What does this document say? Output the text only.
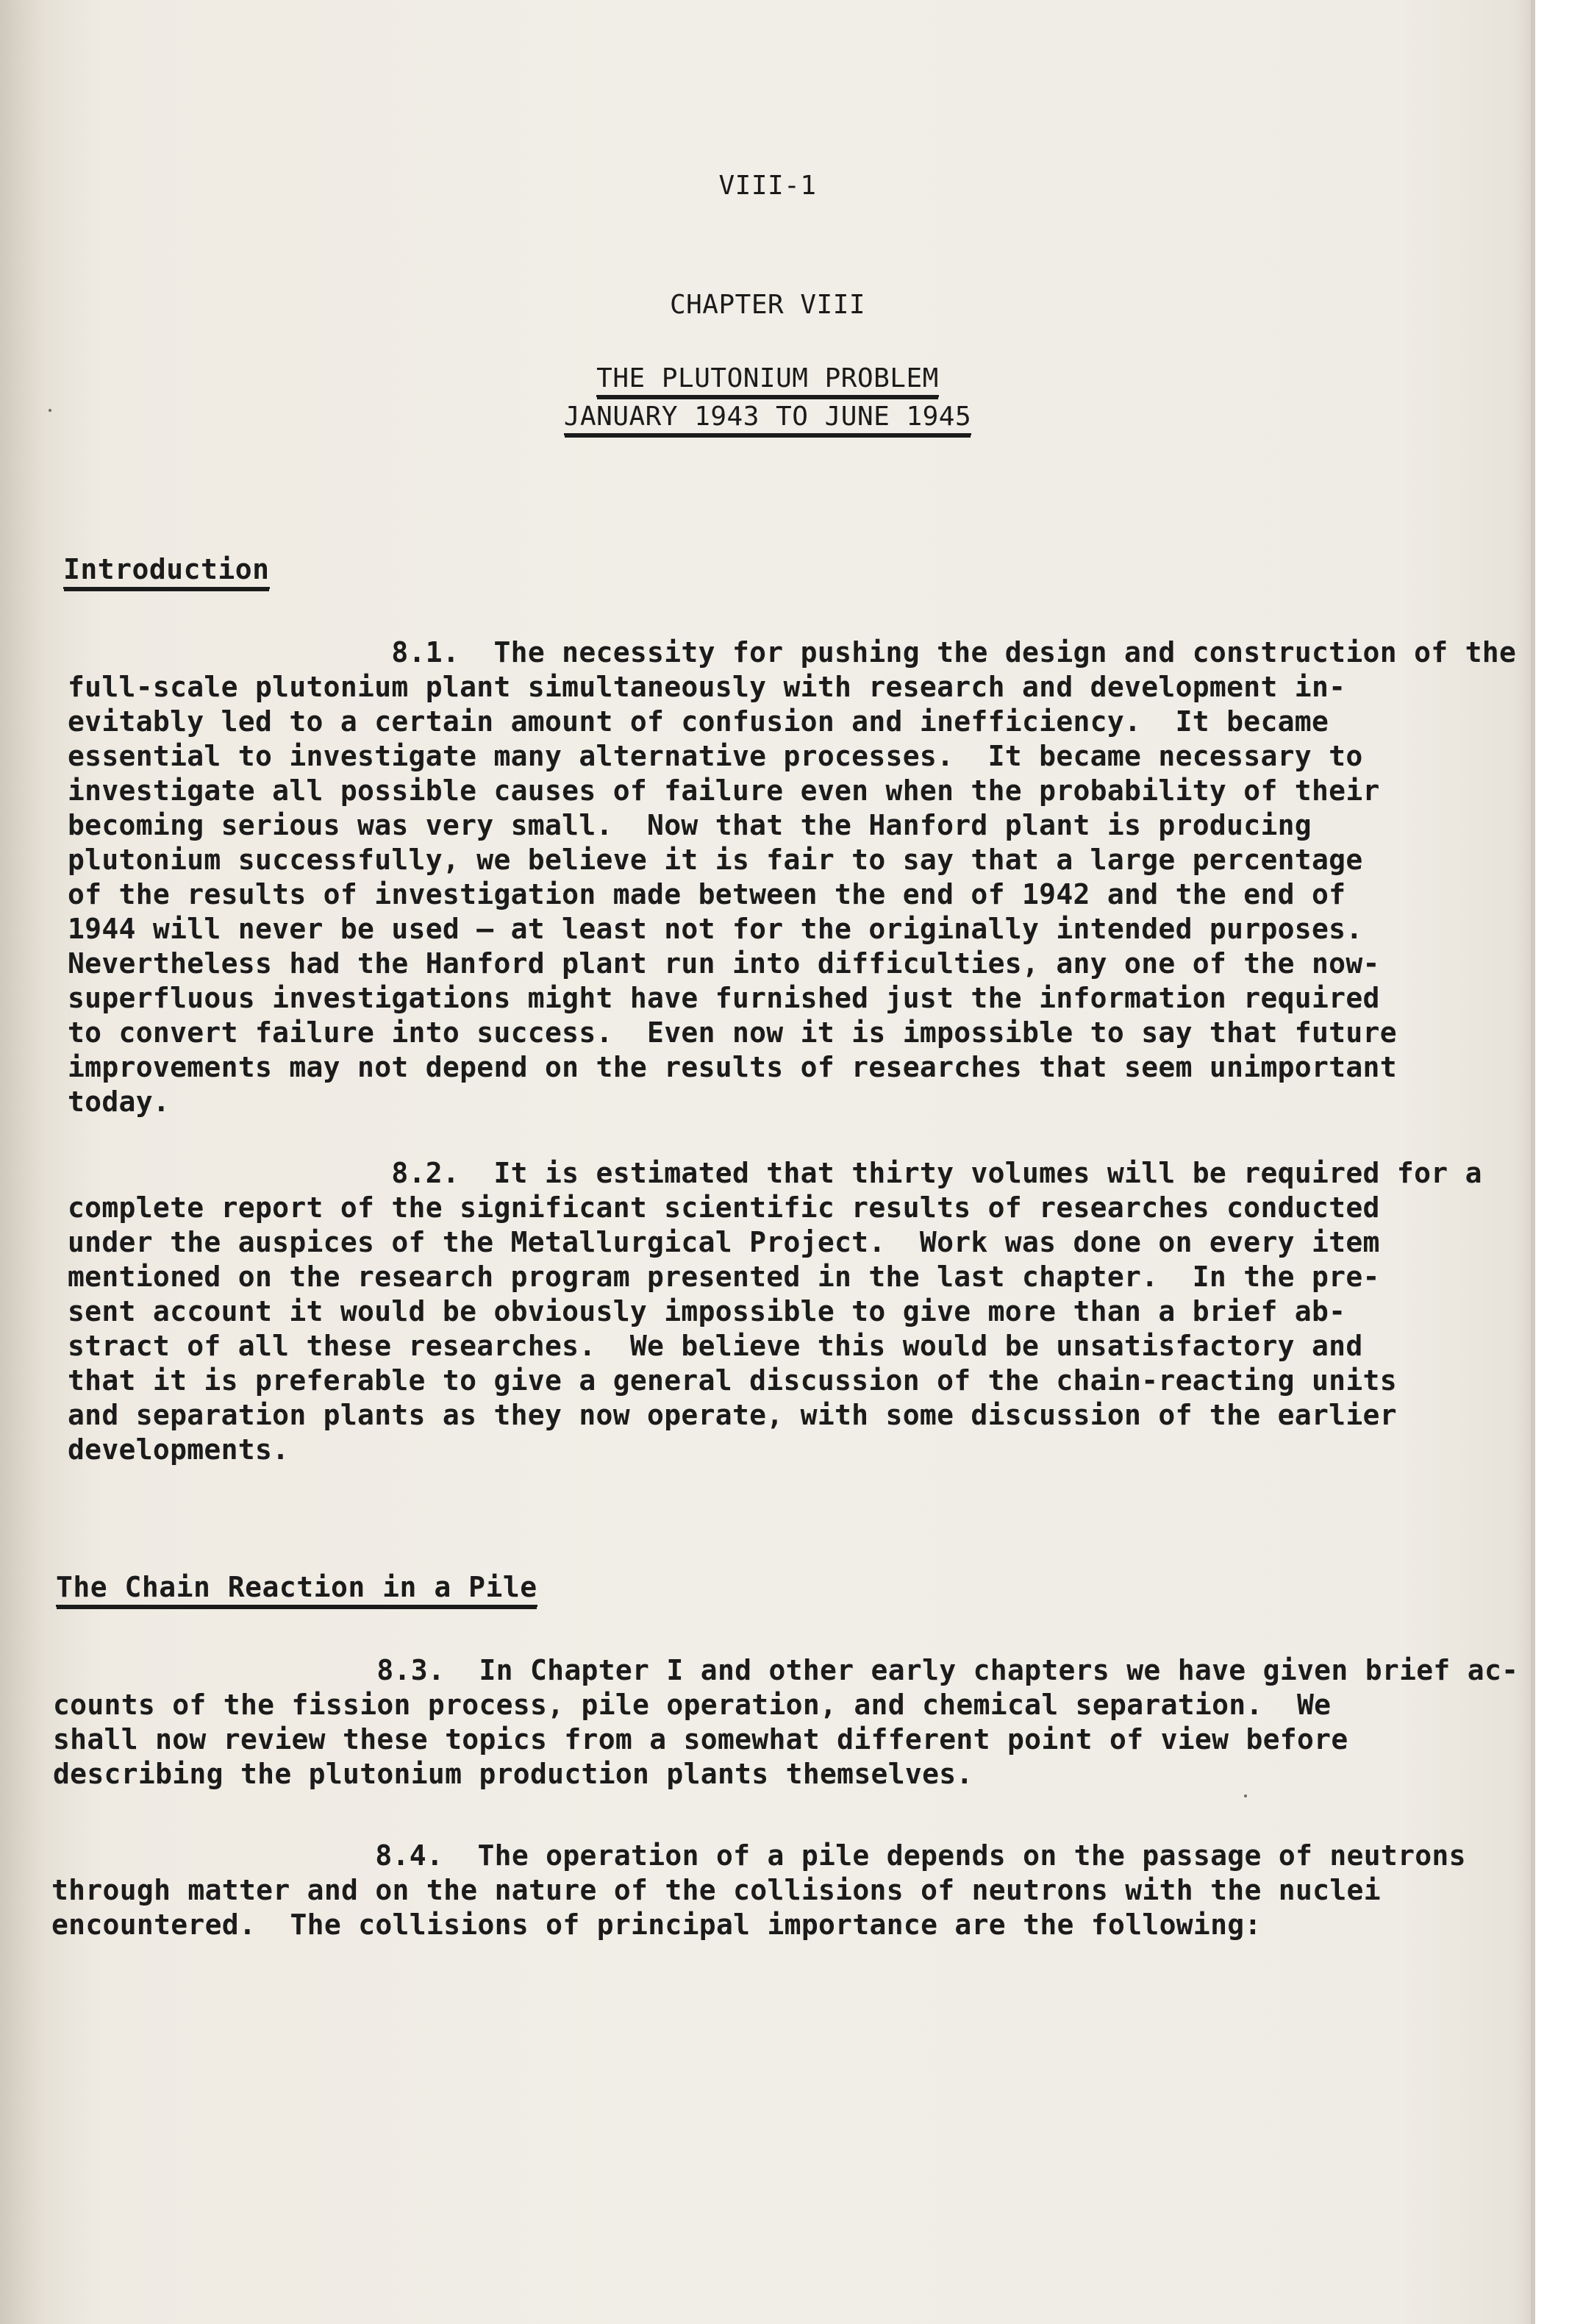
VIII-1
CHAPTER VIII
THE PLUTONIUM PROBLEM
JANUARY 1943 TO JUNE 1945
Introduction
8.1.  The necessity for pushing the design and construction of the
full-scale plutonium plant simultaneously with research and development in-
evitably led to a certain amount of confusion and inefficiency.  It became
essential to investigate many alternative processes.  It became necessary to
investigate all possible causes of failure even when the probability of their
becoming serious was very small.  Now that the Hanford plant is producing
plutonium successfully, we believe it is fair to say that a large percentage
of the results of investigation made between the end of 1942 and the end of
1944 will never be used — at least not for the originally intended purposes.
Nevertheless had the Hanford plant run into difficulties, any one of the now-
superfluous investigations might have furnished just the information required
to convert failure into success.  Even now it is impossible to say that future
improvements may not depend on the results of researches that seem unimportant
today.
8.2.  It is estimated that thirty volumes will be required for a
complete report of the significant scientific results of researches conducted
under the auspices of the Metallurgical Project.  Work was done on every item
mentioned on the research program presented in the last chapter.  In the pre-
sent account it would be obviously impossible to give more than a brief ab-
stract of all these researches.  We believe this would be unsatisfactory and
that it is preferable to give a general discussion of the chain-reacting units
and separation plants as they now operate, with some discussion of the earlier
developments.
The Chain Reaction in a Pile
8.3.  In Chapter I and other early chapters we have given brief ac-
counts of the fission process, pile operation, and chemical separation.  We
shall now review these topics from a somewhat different point of view before
describing the plutonium production plants themselves.
8.4.  The operation of a pile depends on the passage of neutrons
through matter and on the nature of the collisions of neutrons with the nuclei
encountered.  The collisions of principal importance are the following:
